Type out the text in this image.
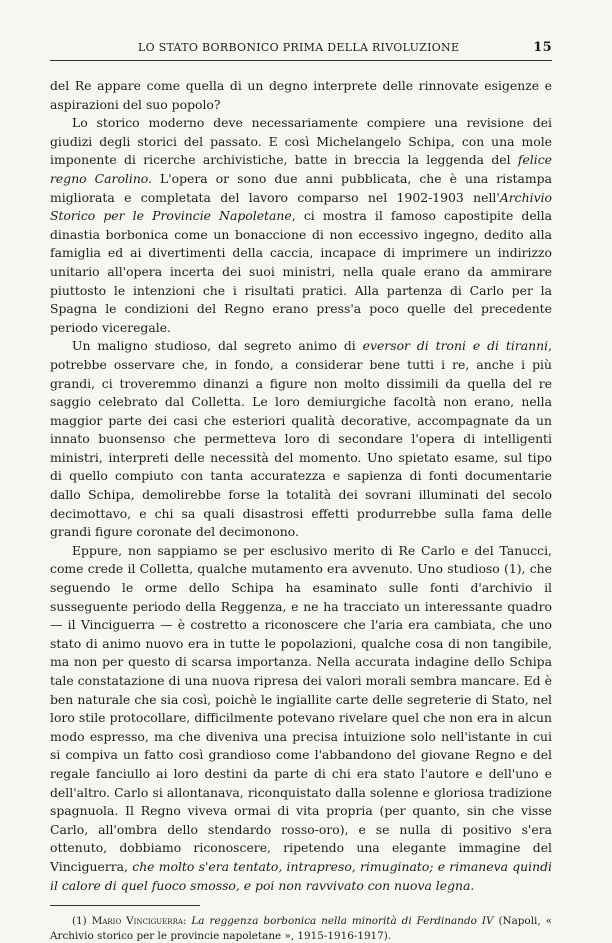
LO STATO BORBONICO PRIMA DELLA RIVOLUZIONE	15

del Re appare come quella di un degno interprete delle rinnovate esigenze e aspirazioni del suo popolo?

Lo storico moderno deve necessariamente compiere una revisione dei giudizi degli storici del passato. E così Michelangelo Schipa, con una mole imponente di ricerche archivistiche, batte in breccia la leggenda del felice regno Carolino. L'opera or sono due anni pubblicata, che è una ristampa migliorata e completata del lavoro comparso nel 1902-1903 nell'Archivio Storico per le Provincie Napoletane, ci mostra il famoso capostipite della dinastia borbonica come un bonaccione di non eccessivo ingegno, dedito alla famiglia ed ai divertimenti della caccia, incapace di imprimere un indirizzo unitario all'opera incerta dei suoi ministri, nella quale erano da ammirare piuttosto le intenzioni che i risultati pratici. Alla partenza di Carlo per la Spagna le condizioni del Regno erano press'a poco quelle del precedente periodo viceregale.

Un maligno studioso, dal segreto animo di eversor di troni e di tiranni, potrebbe osservare che, in fondo, a considerar bene tutti i re, anche i più grandi, ci troveremmo dinanzi a figure non molto dissimili da quella del re saggio celebrato dal Colletta. Le loro demiurgiche facoltà non erano, nella maggior parte dei casi che esteriori qualità decorative, accompagnate da un innato buonsenso che permetteva loro di secondare l'opera di intelligenti ministri, interpreti delle necessità del momento. Uno spietato esame, sul tipo di quello compiuto con tanta accuratezza e sapienza di fonti documentarie dallo Schipa, demolirebbe forse la totalità dei sovrani illuminati del secolo decimottavo, e chi sa quali disastrosi effetti produrrebbe sulla fama delle grandi figure coronate del decimonono.

Eppure, non sappiamo se per esclusivo merito di Re Carlo e del Tanucci, come crede il Colletta, qualche mutamento era avvenuto. Uno studioso (1), che seguendo le orme dello Schipa ha esaminato sulle fonti d'archivio il susseguente periodo della Reggenza, e ne ha tracciato un interessante quadro — il Vinciguerra — è costretto a riconoscere che l'aria era cambiata, che uno stato di animo nuovo era in tutte le popolazioni, qualche cosa di non tangibile, ma non per questo di scarsa importanza. Nella accurata indagine dello Schipa tale constatazione di una nuova ripresa dei valori morali sembra mancare. Ed è ben naturale che sia così, poichè le ingiallite carte delle segreterie di Stato, nel loro stile protocollare, difficilmente potevano rivelare quel che non era in alcun modo espresso, ma che diveniva una precisa intuizione solo nell'istante in cui si compiva un fatto così grandioso come l'abbandono del giovane Regno e del regale fanciullo ai loro destini da parte di chi era stato l'autore e dell'uno e dell'altro. Carlo si allontanava, riconquistato dalla solenne e gloriosa tradizione spagnuola. Il Regno viveva ormai di vita propria (per quanto, sin che visse Carlo, all'ombra dello stendardo rosso-oro), e se nulla di positivo s'era ottenuto, dobbiamo riconoscere, ripetendo una elegante immagine del Vinciguerra, che molto s'era tentato, intrapreso, rimuginato; e rimaneva quindi il calore di quel fuoco smosso, e poi non ravvivato con nuova legna.

(1) Mario Vinciguerra: La reggenza borbonica nella minorità di Ferdinando IV (Napoli, « Archivio storico per le provincie napoletane », 1915-1916-1917).
